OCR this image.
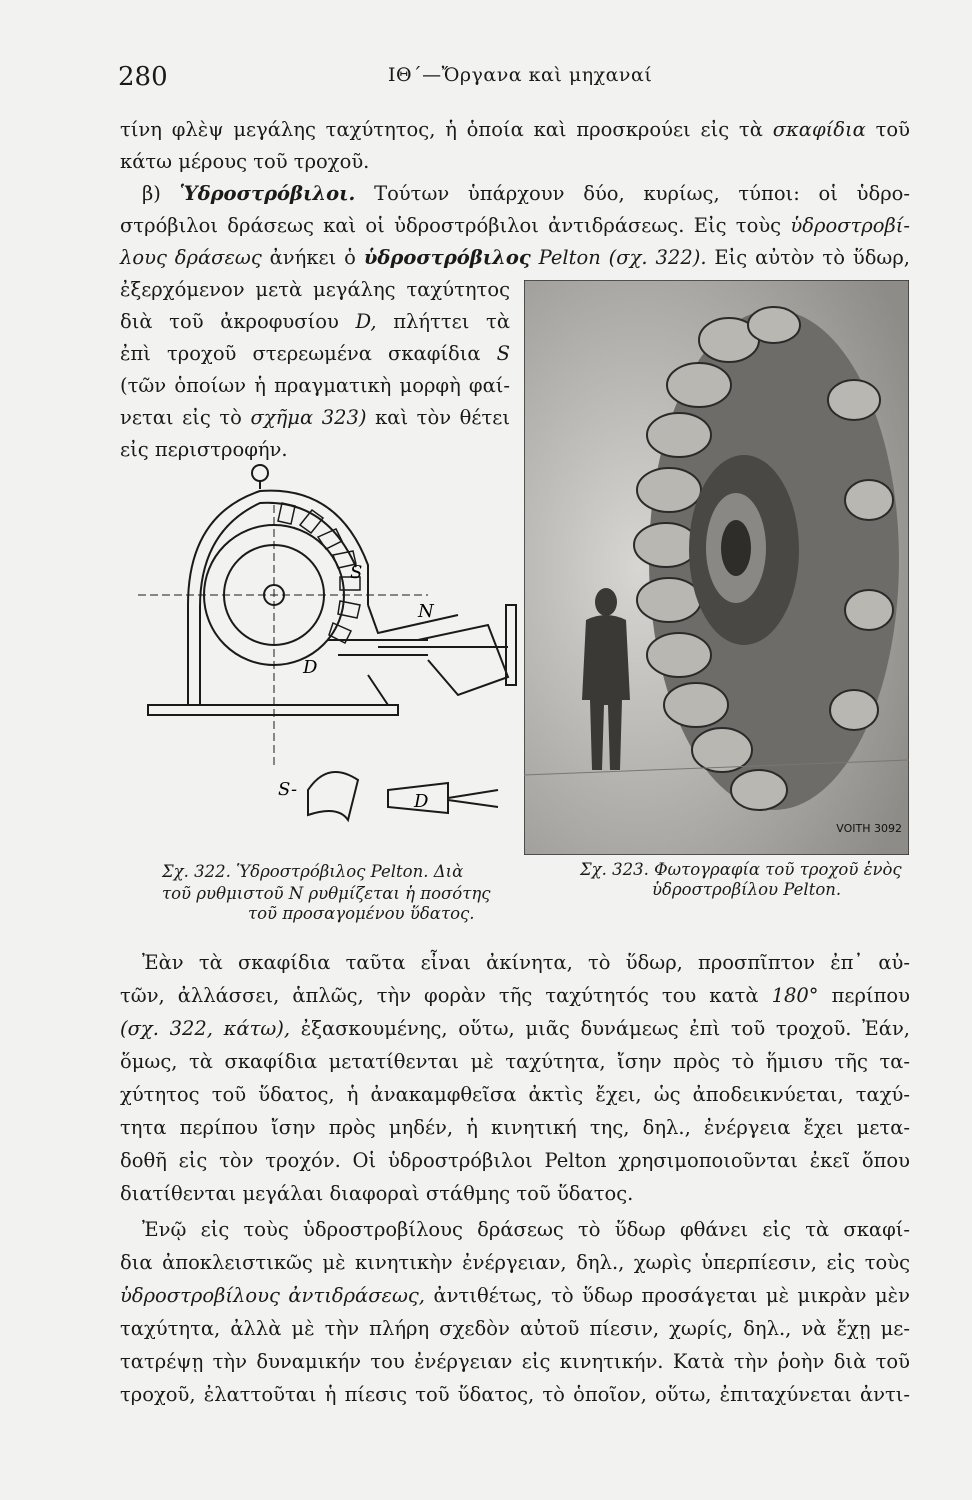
280	ΙΘ΄—Ὄργανα καὶ μηχαναί
τίνη φλὲψ μεγάλης ταχύτητος, ἡ ὁποία καὶ προσκρούει εἰς τὰ σκαφίδια τοῦ
κάτω μέρους τοῦ τροχοῦ.
β) Ὑδροστρόβιλοι. Τούτων ὑπάρχουν δύο, κυρίως, τύποι: οἱ ὑδρο-
στρόβιλοι δράσεως καὶ οἱ ὑδροστρόβιλοι ἀντιδράσεως. Εἰς τοὺς ὑδροστροβί-
λους δράσεως ἀνήκει ὁ ὑδροστρόβιλος Pelton (σχ. 322). Εἰς αὐτὸν τὸ ὕδωρ,
ἐξερχόμενον μετὰ μεγάλης ταχύτητος
διὰ τοῦ ἀκροφυσίου D, πλήττει τὰ
ἐπὶ τροχοῦ στερεωμένα σκαφίδια S
(τῶν ὁποίων ἡ πραγματικὴ μορφὴ φαί-
νεται εἰς τὸ σχῆμα 323) καὶ τὸν θέτει
εἰς περιστροφήν.
S
N
D
S-
D
VOITH 3092
Σχ. 322. Ὑδροστρόβιλος Pelton. Διὰ
τοῦ ρυθμιστοῦ N ρυθμίζεται ἡ ποσότης
τοῦ προσαγομένου ὕδατος.
Σχ. 323. Φωτογραφία τοῦ τροχοῦ ἑνὸς
ὑδροστροβίλου Pelton.
Ἐὰν τὰ σκαφίδια ταῦτα εἶναι ἀκίνητα, τὸ ὕδωρ, προσπῖπτον ἐπ᾽ αὐ-
τῶν, ἀλλάσσει, ἁπλῶς, τὴν φορὰν τῆς ταχύτητός του κατὰ 180° περίπου
(σχ. 322, κάτω), ἐξασκουμένης, οὕτω, μιᾶς δυνάμεως ἐπὶ τοῦ τροχοῦ. Ἐάν,
ὅμως, τὰ σκαφίδια μετατίθενται μὲ ταχύτητα, ἴσην πρὸς τὸ ἥμισυ τῆς τα-
χύτητος τοῦ ὕδατος, ἡ ἀνακαμφθεῖσα ἀκτὶς ἔχει, ὡς ἀποδεικνύεται, ταχύ-
τητα περίπου ἴσην πρὸς μηδέν, ἡ κινητική της, δηλ., ἐνέργεια ἔχει μετα-
δοθῆ εἰς τὸν τροχόν. Οἱ ὑδροστρόβιλοι Pelton χρησιμοποιοῦνται ἐκεῖ ὅπου
διατίθενται μεγάλαι διαφοραὶ στάθμης τοῦ ὕδατος.
Ἐνῷ εἰς τοὺς ὑδροστροβίλους δράσεως τὸ ὕδωρ φθάνει εἰς τὰ σκαφί-
δια ἀποκλειστικῶς μὲ κινητικὴν ἐνέργειαν, δηλ., χωρὶς ὑπερπίεσιν, εἰς τοὺς
ὑδροστροβίλους ἀντιδράσεως, ἀντιθέτως, τὸ ὕδωρ προσάγεται μὲ μικρὰν μὲν
ταχύτητα, ἀλλὰ μὲ τὴν πλήρη σχεδὸν αὐτοῦ πίεσιν, χωρίς, δηλ., νὰ ἔχῃ με-
τατρέψῃ τὴν δυναμικήν του ἐνέργειαν εἰς κινητικήν. Κατὰ τὴν ῥοὴν διὰ τοῦ
τροχοῦ, ἐλαττοῦται ἡ πίεσις τοῦ ὕδατος, τὸ ὁποῖον, οὕτω, ἐπιταχύνεται ἀντι-
